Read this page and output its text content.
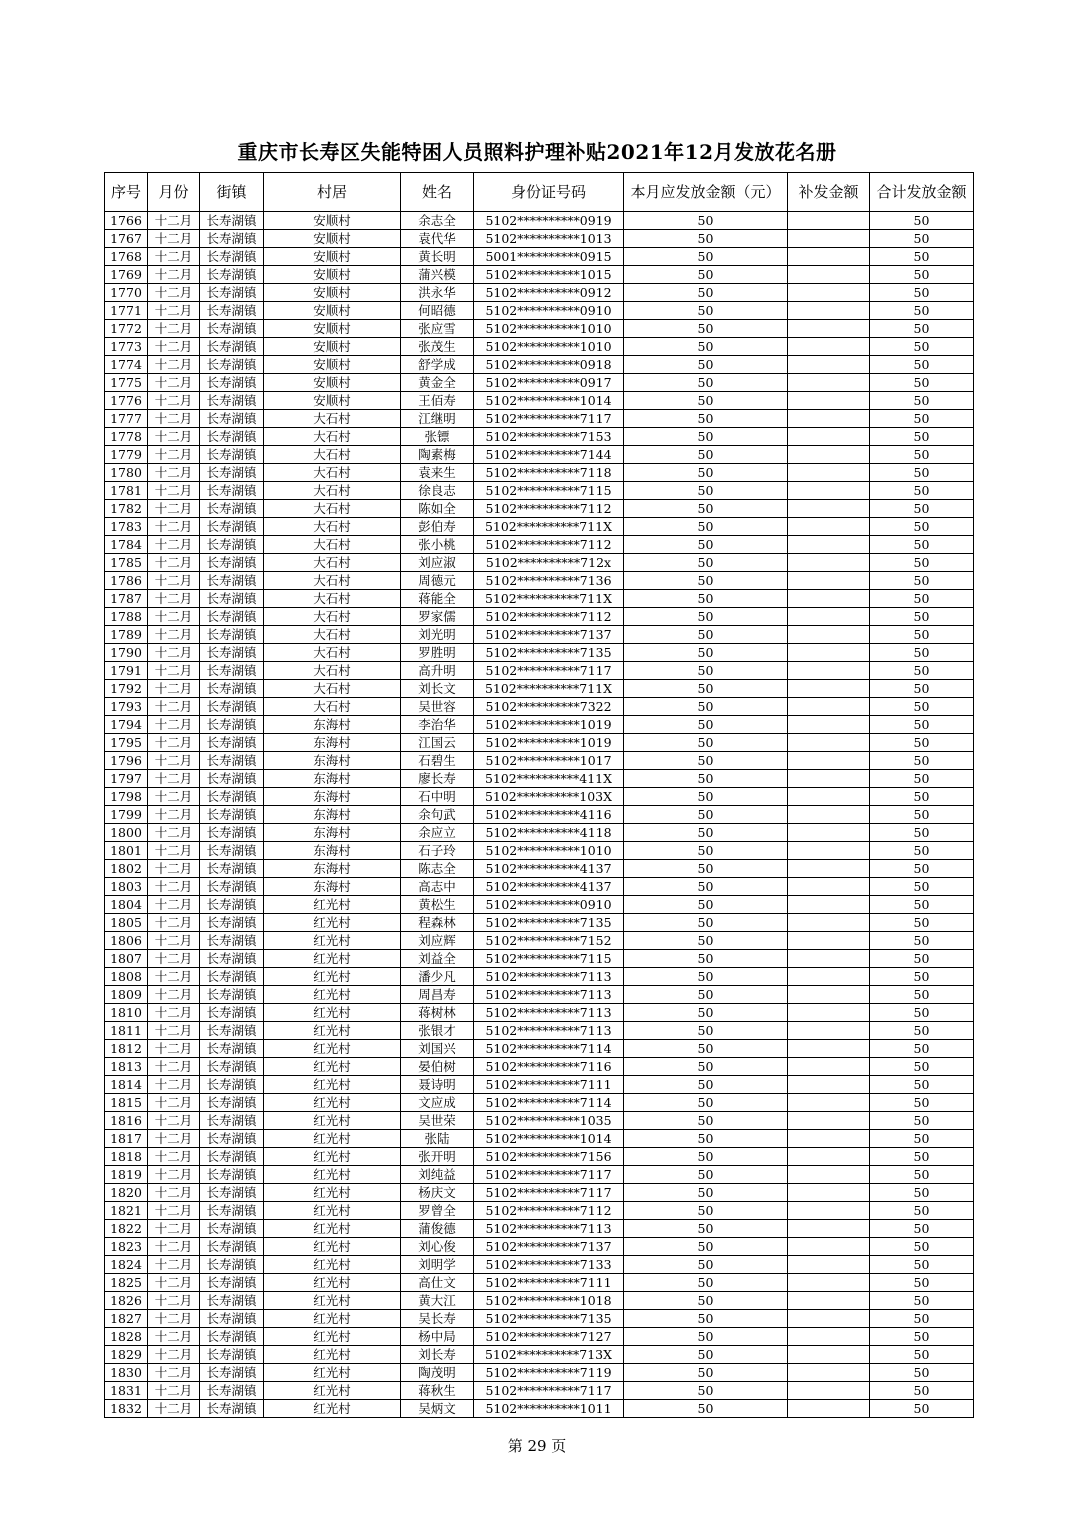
重庆市长寿区失能特困人员照料护理补贴2021年12月发放花名册
序号	月份	街镇	村居	姓名	身份证号码	本月应发放金额（元）	补发金额	合计发放金额
1766	十二月	长寿湖镇	安顺村	余志全	5102**********0919	50		50
1767	十二月	长寿湖镇	安顺村	袁代华	5102**********1013	50		50
1768	十二月	长寿湖镇	安顺村	黄长明	5001**********0915	50		50
1769	十二月	长寿湖镇	安顺村	蒲兴模	5102**********1015	50		50
1770	十二月	长寿湖镇	安顺村	洪永华	5102**********0912	50		50
1771	十二月	长寿湖镇	安顺村	何昭德	5102**********0910	50		50
1772	十二月	长寿湖镇	安顺村	张应雪	5102**********1010	50		50
1773	十二月	长寿湖镇	安顺村	张茂生	5102**********1010	50		50
1774	十二月	长寿湖镇	安顺村	舒学成	5102**********0918	50		50
1775	十二月	长寿湖镇	安顺村	黄金全	5102**********0917	50		50
1776	十二月	长寿湖镇	安顺村	王佰寿	5102**********1014	50		50
1777	十二月	长寿湖镇	大石村	江继明	5102**********7117	50		50
1778	十二月	长寿湖镇	大石村	张镖	5102**********7153	50		50
1779	十二月	长寿湖镇	大石村	陶素梅	5102**********7144	50		50
1780	十二月	长寿湖镇	大石村	袁来生	5102**********7118	50		50
1781	十二月	长寿湖镇	大石村	徐良志	5102**********7115	50		50
1782	十二月	长寿湖镇	大石村	陈如全	5102**********7112	50		50
1783	十二月	长寿湖镇	大石村	彭伯寿	5102**********711X	50		50
1784	十二月	长寿湖镇	大石村	张小桃	5102**********7112	50		50
1785	十二月	长寿湖镇	大石村	刘应淑	5102**********712x	50		50
1786	十二月	长寿湖镇	大石村	周德元	5102**********7136	50		50
1787	十二月	长寿湖镇	大石村	蒋能全	5102**********711X	50		50
1788	十二月	长寿湖镇	大石村	罗家儒	5102**********7112	50		50
1789	十二月	长寿湖镇	大石村	刘光明	5102**********7137	50		50
1790	十二月	长寿湖镇	大石村	罗胜明	5102**********7135	50		50
1791	十二月	长寿湖镇	大石村	高升明	5102**********7117	50		50
1792	十二月	长寿湖镇	大石村	刘长文	5102**********711X	50		50
1793	十二月	长寿湖镇	大石村	吴世容	5102**********7322	50		50
1794	十二月	长寿湖镇	东海村	李治华	5102**********1019	50		50
1795	十二月	长寿湖镇	东海村	江国云	5102**********1019	50		50
1796	十二月	长寿湖镇	东海村	石碧生	5102**********1017	50		50
1797	十二月	长寿湖镇	东海村	廖长寿	5102**********411X	50		50
1798	十二月	长寿湖镇	东海村	石中明	5102**********103X	50		50
1799	十二月	长寿湖镇	东海村	余句武	5102**********4116	50		50
1800	十二月	长寿湖镇	东海村	余应立	5102**********4118	50		50
1801	十二月	长寿湖镇	东海村	石子玲	5102**********1010	50		50
1802	十二月	长寿湖镇	东海村	陈志全	5102**********4137	50		50
1803	十二月	长寿湖镇	东海村	高志中	5102**********4137	50		50
1804	十二月	长寿湖镇	红光村	黄松生	5102**********0910	50		50
1805	十二月	长寿湖镇	红光村	程森林	5102**********7135	50		50
1806	十二月	长寿湖镇	红光村	刘应辉	5102**********7152	50		50
1807	十二月	长寿湖镇	红光村	刘益全	5102**********7115	50		50
1808	十二月	长寿湖镇	红光村	潘少凡	5102**********7113	50		50
1809	十二月	长寿湖镇	红光村	周昌寿	5102**********7113	50		50
1810	十二月	长寿湖镇	红光村	蒋树林	5102**********7113	50		50
1811	十二月	长寿湖镇	红光村	张银才	5102**********7113	50		50
1812	十二月	长寿湖镇	红光村	刘国兴	5102**********7114	50		50
1813	十二月	长寿湖镇	红光村	晏伯树	5102**********7116	50		50
1814	十二月	长寿湖镇	红光村	聂诗明	5102**********7111	50		50
1815	十二月	长寿湖镇	红光村	文应成	5102**********7114	50		50
1816	十二月	长寿湖镇	红光村	吴世荣	5102**********1035	50		50
1817	十二月	长寿湖镇	红光村	张陆	5102**********1014	50		50
1818	十二月	长寿湖镇	红光村	张开明	5102**********7156	50		50
1819	十二月	长寿湖镇	红光村	刘纯益	5102**********7117	50		50
1820	十二月	长寿湖镇	红光村	杨庆文	5102**********7117	50		50
1821	十二月	长寿湖镇	红光村	罗曾全	5102**********7112	50		50
1822	十二月	长寿湖镇	红光村	蒲俊德	5102**********7113	50		50
1823	十二月	长寿湖镇	红光村	刘心俊	5102**********7137	50		50
1824	十二月	长寿湖镇	红光村	刘明学	5102**********7133	50		50
1825	十二月	长寿湖镇	红光村	高仕文	5102**********7111	50		50
1826	十二月	长寿湖镇	红光村	黄大江	5102**********1018	50		50
1827	十二月	长寿湖镇	红光村	吴长寿	5102**********7135	50		50
1828	十二月	长寿湖镇	红光村	杨中局	5102**********7127	50		50
1829	十二月	长寿湖镇	红光村	刘长寿	5102**********713X	50		50
1830	十二月	长寿湖镇	红光村	陶茂明	5102**********7119	50		50
1831	十二月	长寿湖镇	红光村	蒋秋生	5102**********7117	50		50
1832	十二月	长寿湖镇	红光村	吴炳文	5102**********1011	50		50
第 29 页
